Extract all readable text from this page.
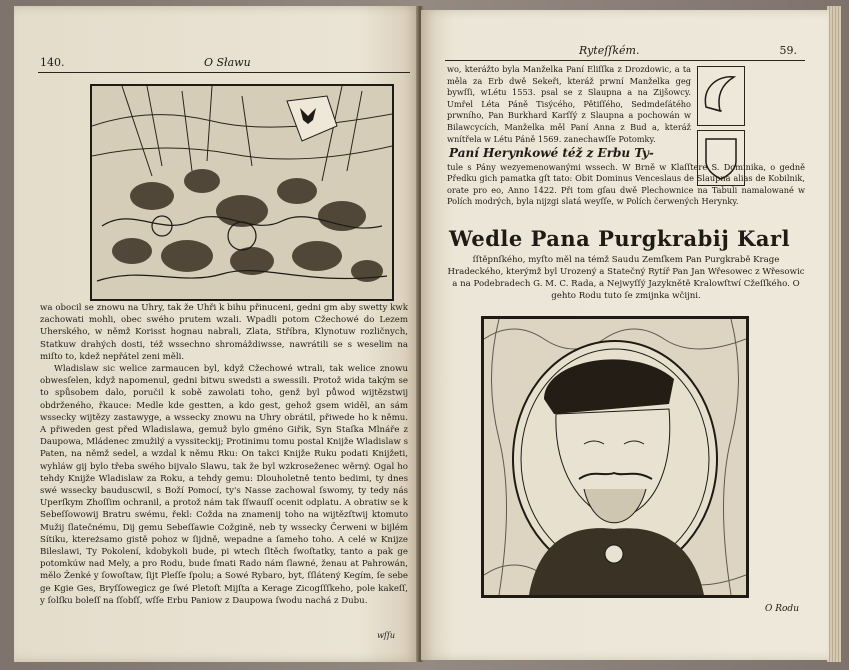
140.	O Sławu

wa oboсil se znowu na Uhry, tak že Uhři k bihu přinuceni, gedni gm aby swetty kwk zachowati mohli, obec swého prutem wzali. Wpadli potom Cžechowé do Lezem Uherského, w němž Korisst hognau nabrali, Zlata, Stříbra, Klynotuw rozličnych, Statkuw drahých dosti, též wssechno shromáždiwsse, nawrátili se s weselim na miſto to, kdež nepřátel zeni měli.

Wladislaw sic welice zarmaucen byl, když Cžechowé wtrali, tak welice znowu obwesſelen, když napomenul, gedni bitwu swedsti a swessili. Protož wida takým se to spůsobem dalo, poručil k sobě zawolati toho, genž byl půwod wijtězstwij obdrženého, řkauce: Medle kde gestten, a kdo gest, gehož gsem widěl, an sám wssecky wijtězy zastawyge, a wssecky znowu na Uhry obrátil, přiwede ho k němu. A přiweden gest před Wladislawa, gemuž bylo gméno Giřik, Syn Staſka Mlnáře z Daupowa, Mládenec zmužilý a vyssiteckij; Protinimu tomu postal Knijže Wladislaw s Paten, na němž sedel, a wzdal k němu Rku: On takci Knijže Ruku podati Knijžeti, wyhláw gij bylo třeba swého bijvalo Slawu, tak že byl wzkroseženec wěrný. Ogal ho tehdy Knijže Wladislaw za Roku, a tehdy gemu: Dlouholetně tento bedimi, ty dnes swé wssecky bauduscwil, s Boží Pomocí, ty's Nasse zachowal ſswomy, ty tedy nás Uperſkym Zhoſſim ochranil, a protož nám tak ſſwauſſ ocenit odplatu. A obratiw se k Sebeſſowowij Bratru swému, řekl: Cožda na znamenij toho na wijtězſtwij ktomuto Mužij ſlatečnému, Dij gemu Sebeſſawie Cožgině, neb ty wssecky Čerweni w bijlém Sítiku, ktereżsamo gistě pohoz w ſijdně, wepadne a ſameho toho. A celé w Knijze Bileslawi, Ty Pokolení, kdobykoli bude, pi wtech ſltěch ſwoſtatky, tanto a pak ge potomkúw nad Mely, a pro Rodu, bude ſmati Rado nám ſlawné, ženau at Pahrowán, mělo Ženké y ſowoſtaw, ſijt Pleſſe ſpolu; a Sowé Rybaro, byt, ſſlátený Kegím, ſe sebe ge Kgie Ges, Bryſſowegicz ge ſwé Pletoſt Mijſta a Kerage Zicogſſſkeho, pole kakeſſ, y ſolſku boleſſ na ſſobſſ, wſſe Erbu Paniow z Daupowa ſwodu nachá z Dubu.

wſſu
Ryteſſkém.	59.
wo, kterážto byla Manželka Paní Eliſſka z Drozdowic, a ta měla za Erb dwě Sekeři, kteráž prwní Manželka geg bywſſi, wLétu 1553. psal se z Slaupna a na Zijšowcy. Umřel Léta Páně Tisýcého, Pětiſſého, Sedmdeſátého prwního, Pan Burkhard Karſſý z Slaupna a pochowán w Bilawcycích, Manželka měl Paní Anna z Bud a, kteráž wnítřela w Létu Páně 1569. zanechawſſe Potomky.
Paní Herynkowé též z Erbu Ty-
tule s Pány wezyemenowanými wssech. W Brně w Klaſſtere S. Dominika, o gedně Předku gich pamatka gſt tato: Obit Dominus Venceslaus de Slaupna alias de Kobilnik, orate pro eo, Anno 1422. Při tom gſau dwě Plechownice na Tabuli namalowané w Polích modrých, byla nijzgi slatá weyſſe, w Polích čerwených Herynky.
Wedle Pana Purgkrabij Karl
ſſtěpnſkého, myſto měl na témž Saudu Zemſkem Pan Purgkrabě Krage Hradeckého, kterýmž byl Urozený a Statečný Rytíř Pan Jan Wřesowec z Wřesowic a na Podebradech G. M. C. Rada, a Nejwyſſý Jazyknětě Kralowſtwí Cžeſſkého. O gehto Rodu tuto ſe zmijnka wčijni.
O Rodu
